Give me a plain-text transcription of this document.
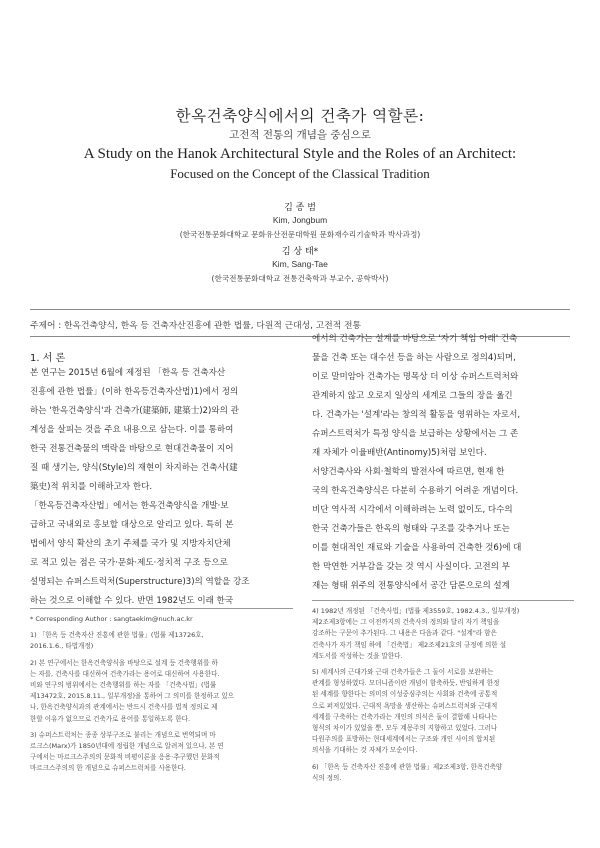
한옥건축양식에서의 건축가 역할론:
고전적 전통의 개념을 중심으로
A Study on the Hanok Architectural Style and the Roles of an Architect:
Focused on the Concept of the Classical Tradition
김 종 범
Kim, Jongbum
(한국전통문화대학교 문화유산전문대학원 문화재수리기술학과 박사과정)
김 상 태*
Kim, Sang-Tae
(한국전통문화대학교 전통건축학과 부교수, 공학박사)
주제어 : 한옥건축양식, 한옥 등 건축자산진흥에 관한 법률, 다원적 근대성, 고전적 전통
1. 서 론
본 연구는 2015년 6월에 제정된 「한옥 등 건축자산
진흥에 관한 법률」(이하 한옥등건축자산법)1)에서 정의
하는 '한옥건축양식'과 건축가(建築師, 建築士)2)와의 관
계성을 살피는 것을 주요 내용으로 삼는다. 이를 통하여
한국 전통건축물의 맥락을 바탕으로 현대건축물이 지어
질 때 생기는, 양식(Style)의 재현이 차지하는 건축사(建
築史)적 위치를 이해하고자 한다.
「한옥등건축자산법」에서는 한옥건축양식을 개발·보
급하고 국내외로 홍보할 대상으로 알리고 있다. 특히 본
법에서 양식 확산의 초기 주체를 국가 및 지방자치단체
로 적고 있는 점은 국가·문화·제도·정치적 구조 등으로
설명되는 슈퍼스트럭처(Superstructure)3)의 역할을 강조
하는 것으로 이해할 수 있다. 반면 1982년도 이래 한국
에서의 건축가는 설계를 바탕으로 '자기 책임 아래' 건축
물을 건축 또는 대수선 등을 하는 사람으로 정의4)되며,
이로 말미암아 건축가는 명목상 더 이상 슈퍼스트럭처와
관계하지 않고 오로지 일상의 세계로 그들의 장을 옮긴
다. 건축가는 '설계'라는 창의적 활동을 영위하는 자로서,
슈퍼스트럭처가 특정 양식을 보급하는 상황에서는 그 존
재 자체가 이율배반(Antinomy)5)처럼 보인다.
서양건축사와 사회·철학의 발전사에 따르면, 현재 한
국의 한옥건축양식은 다분히 수용하기 어려운 개념이다.
비단 역사적 시각에서 이해하려는 노력 없이도, 다수의
한국 건축가들은 한옥의 형태와 구조를 갖추거나 또는
이를 현대적인 재료와 기술을 사용하여 건축한 것6)에 대
한 막연한 거부감을 갖는 것 역시 사실이다. 고전의 부
재는 형태 위주의 전통양식에서 공간 담론으로의 설계
* Corresponding Author : sangtaekim@nuch.ac.kr

1) 「한옥 등 건축자산 진흥에 관한 법률」(법률 제13726호,
2016.1.6., 타법개정)

2) 본 연구에서는 한옥건축양식을 바탕으로 설계 등 건축행위를 하
는 자를, 건축사를 대신하여 건축가라는 용어로 대신하여 사용한다.
비와 연구의 범위에서는 건축행위를 하는 자를 「건축사법」(법률
제13472호, 2015.8.11., 일부개정)을 통하여 그 의미를 한정하고 있으
나, 한옥건축양식과의 관계에서는 반드시 건축사를 법적 정의로 제
한할 이유가 없으므로 건축가로 용어를 통일하도록 한다.

3) 슈퍼스트럭처는 종종 상부구조로 불리는 개념으로 번역되며 마
르크스(Marx)가 1850년대에 정립한 개념으로 알려져 있으나, 본 연
구에서는 마르크스주의의 문화적 비평이론을 응용·추구했던 문화적
마르크스주의의 한 개념으로 슈퍼스트럭처를 사용한다.
4) 1982년 개정된 「건축사법」(법률 제3559호, 1982.4.3., 일부개정)
제2조제3항에는 그 이전까지의 건축사의 정의와 달리 자기 책임을
강조하는 구문이 추가된다. 그 내용은 다음과 같다. "설계"라 함은
건축사가 자기 책임 하에 「건축법」 제2조제21호의 규정에 의한 설
계도서를 작성하는 것을 말한다.

5) 세계사의 근대가와 근대 건축가들은 그 둘이 서로를 보완하는
관계를 형성하였다. 모더니즘이란 개념이 함축하듯, 반임하게 한정
된 세계를 향한다는 의미의 이성중심주의는 사회와 건축에 공통적
으로 퍼져있었다. 근대적 욕망을 생산하는 슈퍼스트럭처와 근대적
세계를 구축하는 건축가라는 개인의 의식은 둘이 결합해 나타나는
형식의 차이가 있었을 뿐, 모두 계몽주의 지향하고 있었다. 그러나
다원주의를 표방하는 현대세계에서는 구조와 개인 사이의 합치된
의식을 기대하는 것 자체가 모순이다.

6) 「한옥 등 건축자산 진흥에 관한 법률」제2조제3항, 한옥건축양
식의 정의.
